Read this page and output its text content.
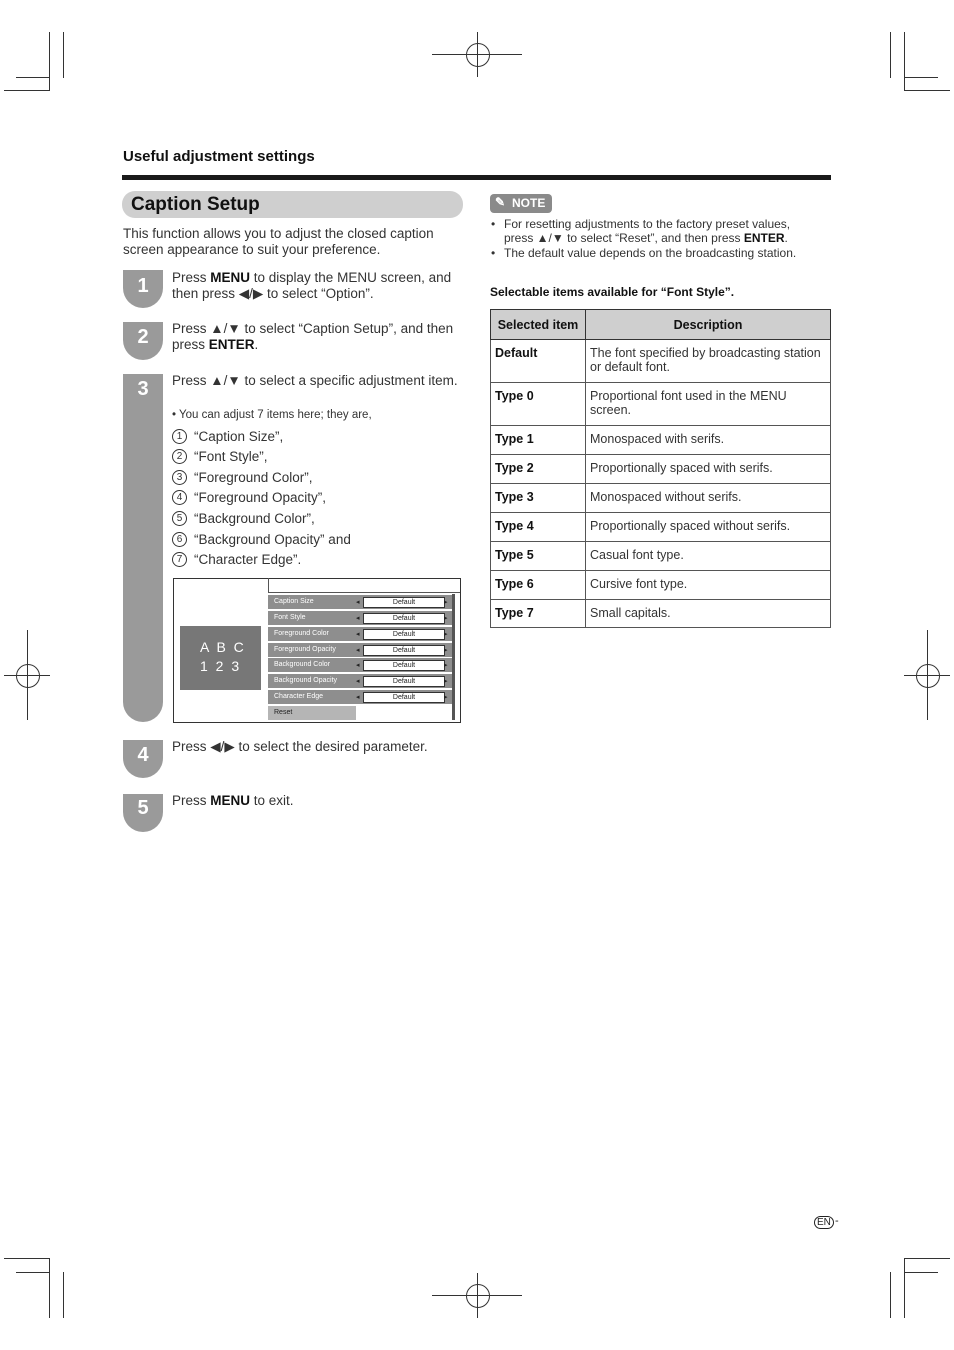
Useful adjustment settings
Caption Setup
This function allows you to adjust the closed caption screen appearance to suit your preference.
1
2
3
4
5
Press MENU to display the MENU screen, and then press ◀/▶ to select “Option”.
Press ▲/▼ to select “Caption Setup”, and then press ENTER.
Press ▲/▼ to select a specific adjustment item.
• You can adjust 7 items here; they are,
1 “Caption Size”,
2 “Font Style”,
3 “Foreground Color”,
4 “Foreground Opacity”,
5 “Background Color”,
6 “Background Opacity” and
7 “Character Edge”.
A B C
1 2 3
Caption Size	◂	Default	▸
Font Style	◂	Default	▸
Foreground Color	◂	Default	▸
Foreground Opacity	◂	Default	▸
Background Color	◂	Default	▸
Background Opacity	◂	Default	▸
Character Edge	◂	Default	▸
Reset
Press ◀/▶ to select the desired parameter.
Press MENU to exit.
✎ NOTE
• For resetting adjustments to the factory preset values, press ▲/▼ to select “Reset”, and then press ENTER.
• The default value depends on the broadcasting station.
Selectable items available for “Font Style”.
Selected item	Description
Default	The font specified by broadcasting station or default font.
Type 0	Proportional font used in the MENU screen.
Type 1	Monospaced with serifs.
Type 2	Proportionally spaced with serifs.
Type 3	Monospaced without serifs.
Type 4	Proportionally spaced without serifs.
Type 5	Casual font type.
Type 6	Cursive font type.
Type 7	Small capitals.
EN -
